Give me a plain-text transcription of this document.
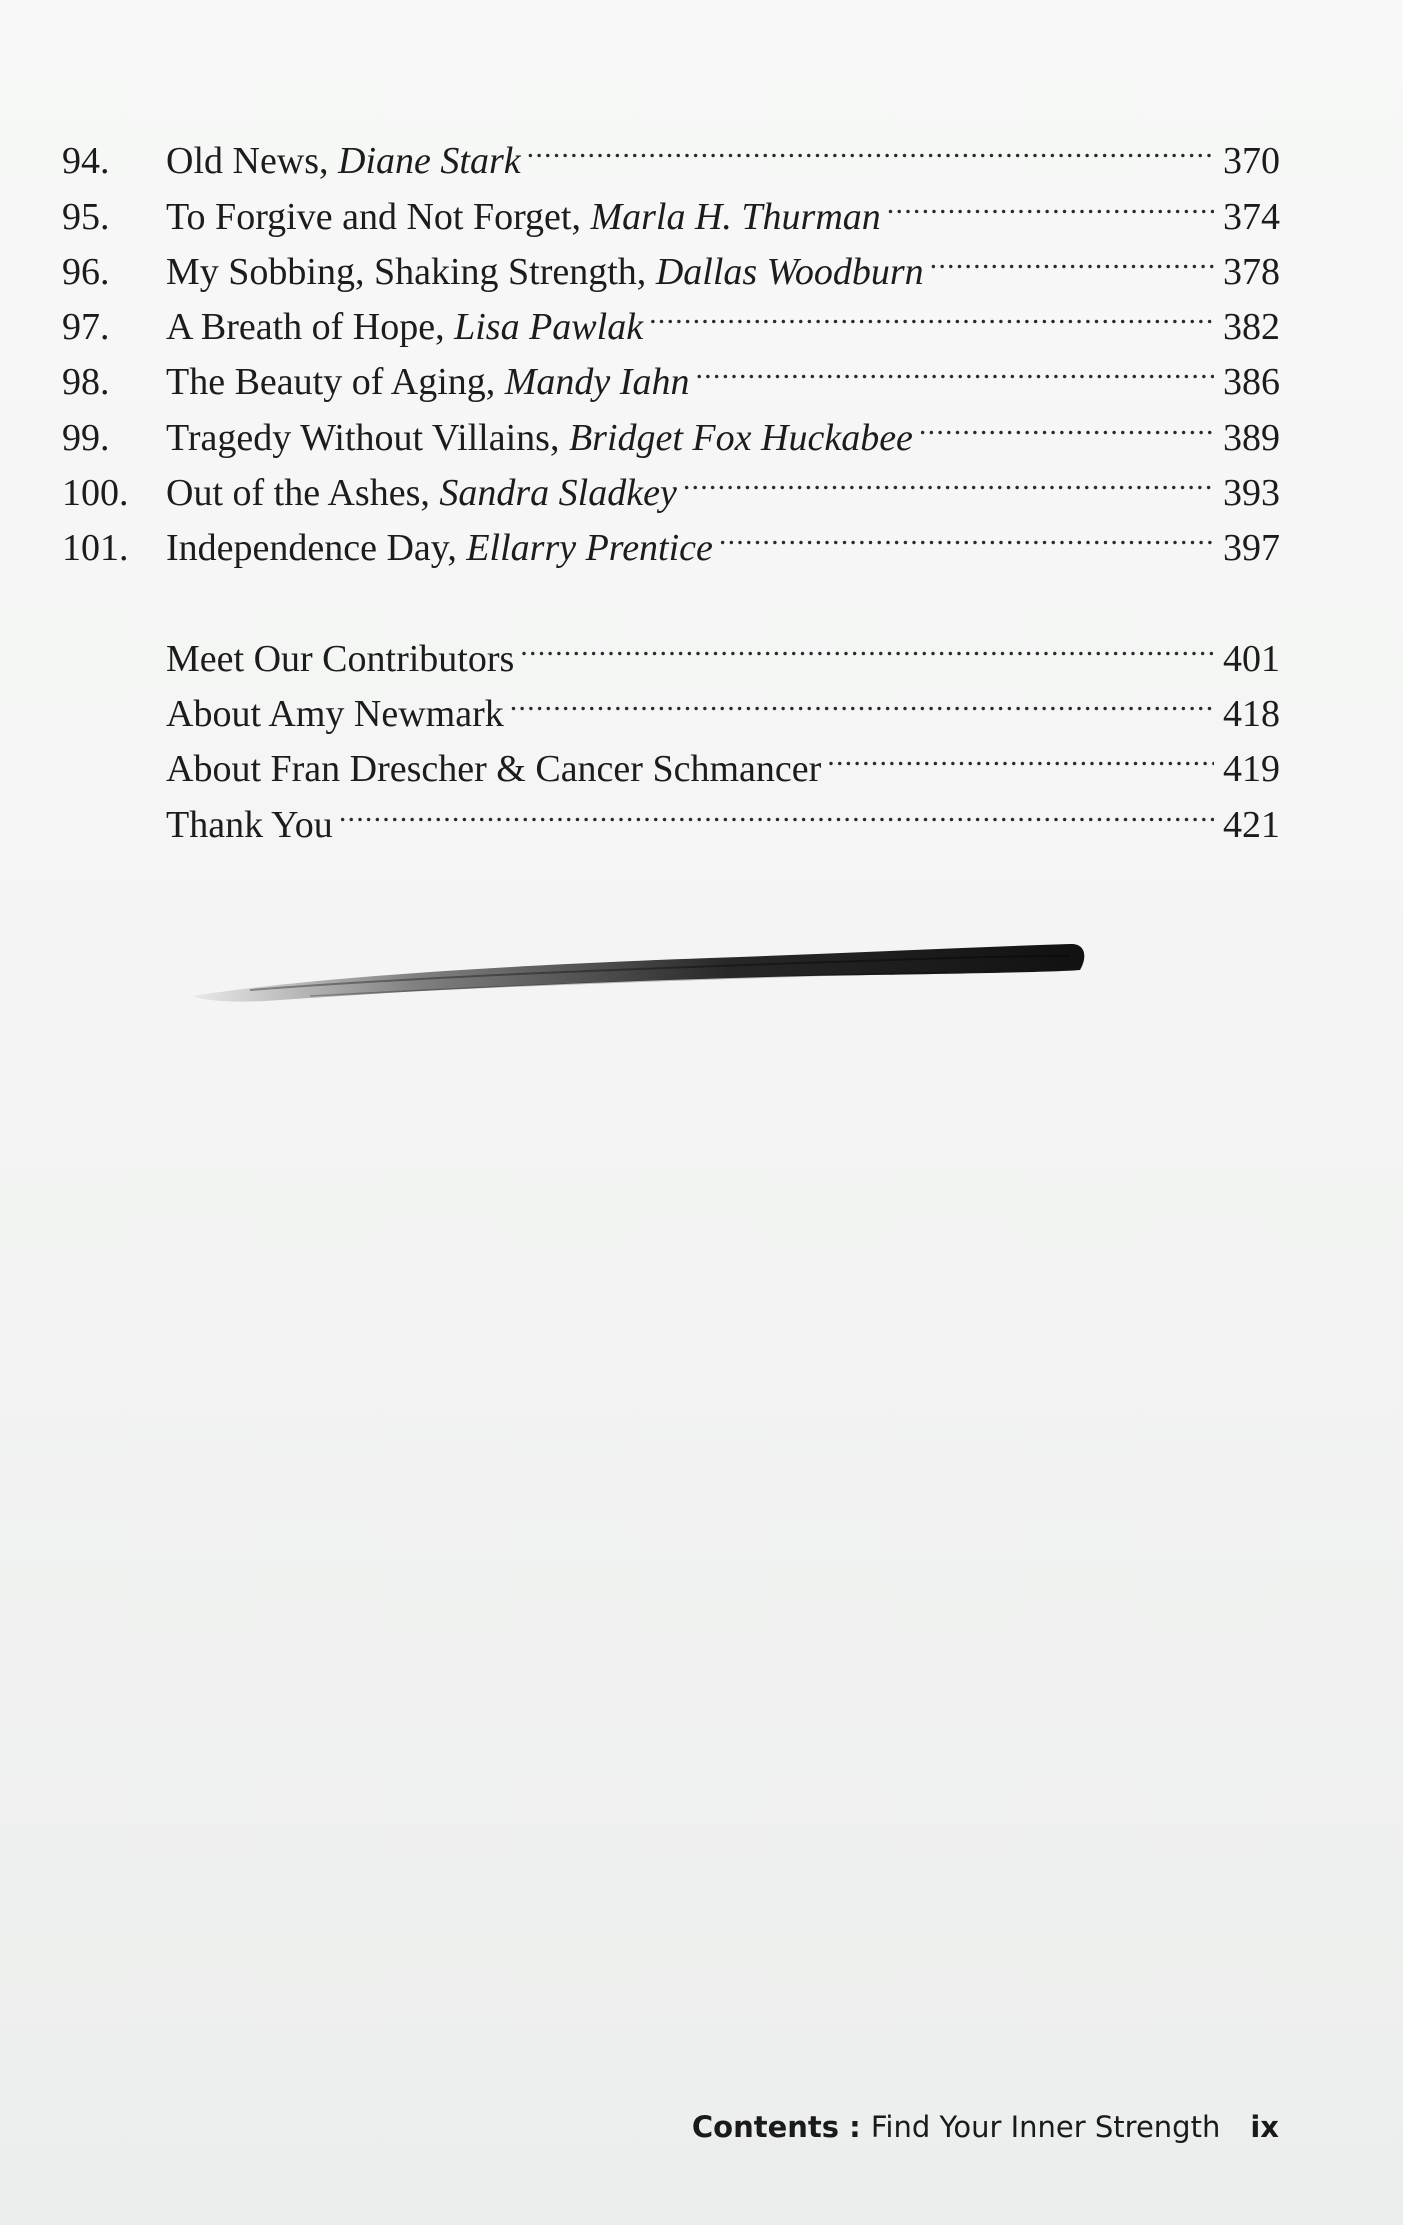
94.	Old News, Diane Stark .....	370
95.	To Forgive and Not Forget, Marla H. Thurman .....	374
96.	My Sobbing, Shaking Strength, Dallas Woodburn .....	378
97.	A Breath of Hope, Lisa Pawlak .....	382
98.	The Beauty of Aging, Mandy Iahn .....	386
99.	Tragedy Without Villains, Bridget Fox Huckabee .....	389
100. Out of the Ashes, Sandra Sladkey .....	393
101. Independence Day, Ellarry Prentice .....	397
Meet Our Contributors .....	401
About Amy Newmark .....	418
About Fran Drescher & Cancer Schmancer .....	419
Thank You .....	421
Contents : Find Your Inner Strength ix
